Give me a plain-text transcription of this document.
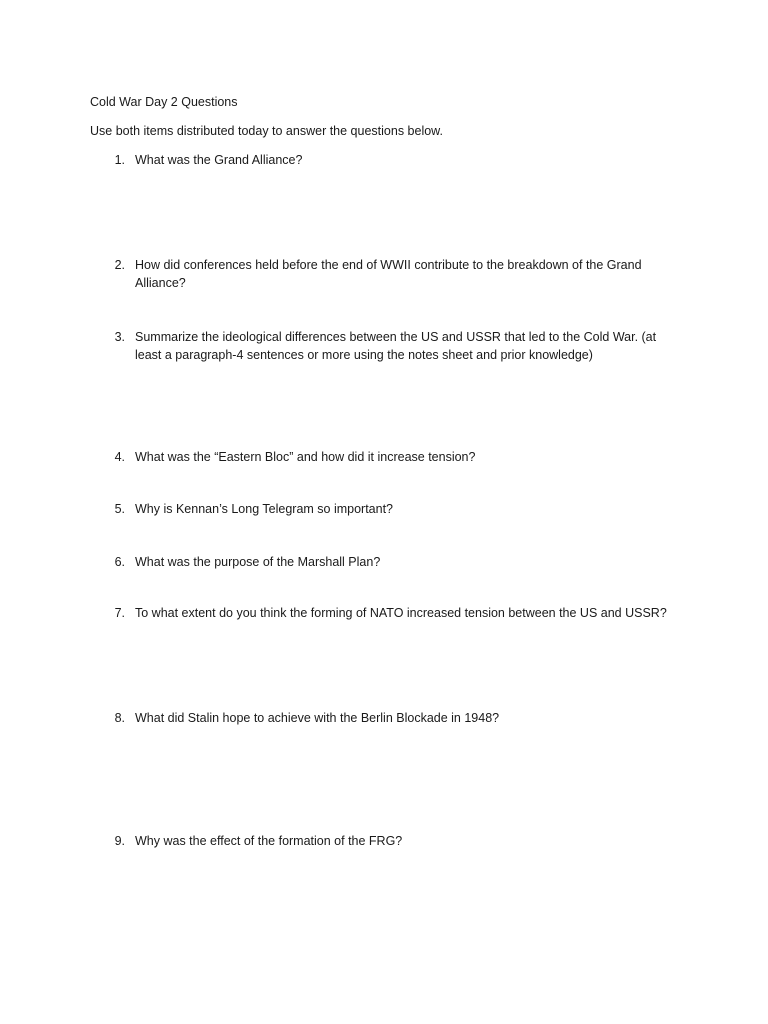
Cold War Day 2 Questions
Use both items distributed today to answer the questions below.
1. What was the Grand Alliance?
2. How did conferences held before the end of WWII contribute to the breakdown of the Grand Alliance?
3. Summarize the ideological differences between the US and USSR that led to the Cold War. (at least a paragraph-4 sentences or more using the notes sheet and prior knowledge)
4. What was the “Eastern Bloc” and how did it increase tension?
5. Why is Kennan’s Long Telegram so important?
6. What was the purpose of the Marshall Plan?
7. To what extent do you think the forming of NATO increased tension between the US and USSR?
8. What did Stalin hope to achieve with the Berlin Blockade in 1948?
9. Why was the effect of the formation of the FRG?
